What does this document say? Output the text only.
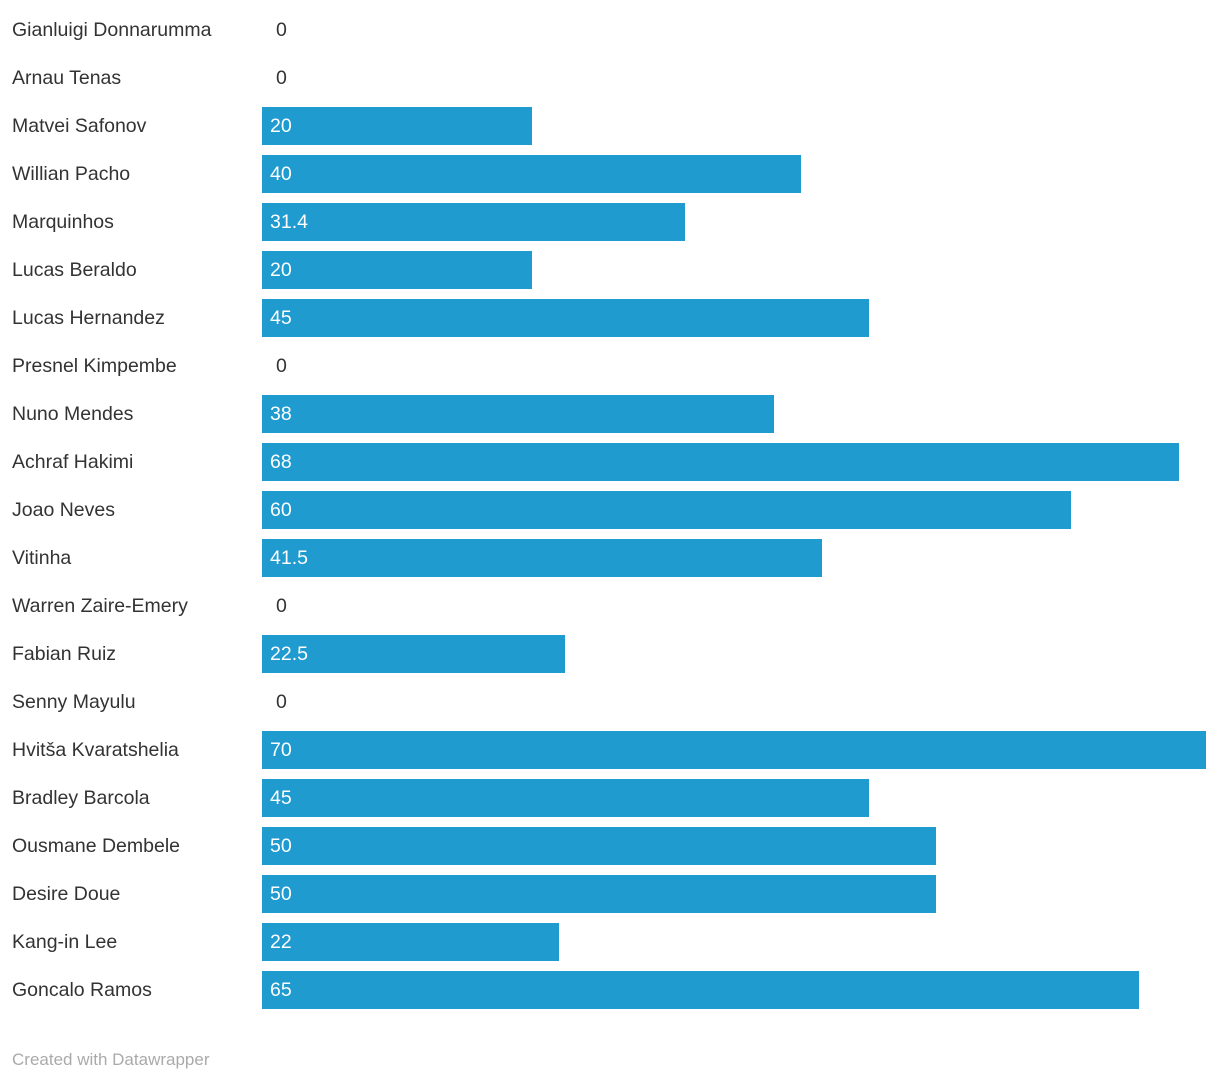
Gianluigi Donnarumma	0
Arnau Tenas	0
Matvei Safonov	20
Willian Pacho	40
Marquinhos	31.4
Lucas Beraldo	20
Lucas Hernandez	45
Presnel Kimpembe	0
Nuno Mendes	38
Achraf Hakimi	68
Joao Neves	60
Vitinha	41.5
Warren Zaire-Emery	0
Fabian Ruiz	22.5
Senny Mayulu	0
Hvitša Kvaratshelia	70
Bradley Barcola	45
Ousmane Dembele	50
Desire Doue	50
Kang-in Lee	22
Goncalo Ramos	65
Created with Datawrapper
